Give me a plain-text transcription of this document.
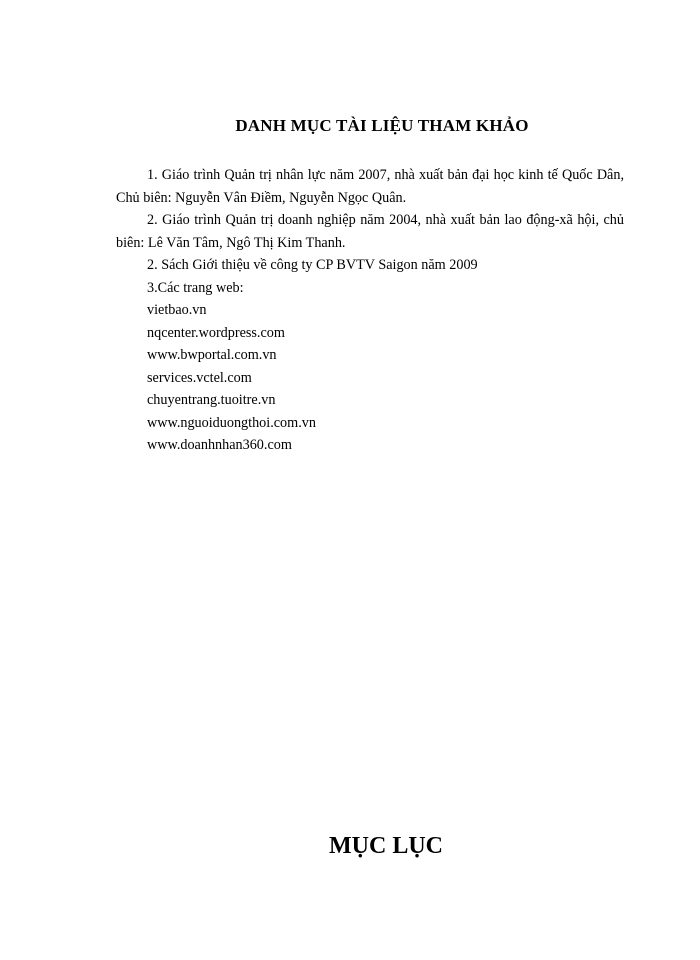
DANH MỤC TÀI LIỆU THAM KHẢO

1. Giáo trình Quản trị nhân lực năm 2007, nhà xuất bản đại học kinh tế Quốc Dân, Chủ biên: Nguyễn Vân Điềm, Nguyễn Ngọc Quân.

2. Giáo trình Quản trị doanh nghiệp năm 2004, nhà xuất bản lao động-xã hội, chủ biên: Lê Văn Tâm, Ngô Thị Kim Thanh.

2. Sách Giới thiệu về công ty CP BVTV Saigon năm 2009

3.Các trang web:

vietbao.vn
nqcenter.wordpress.com
www.bwportal.com.vn
services.vctel.com
chuyentrang.tuoitre.vn
www.nguoiduongthoi.com.vn
www.doanhnhan360.com
MỤC LỤC
